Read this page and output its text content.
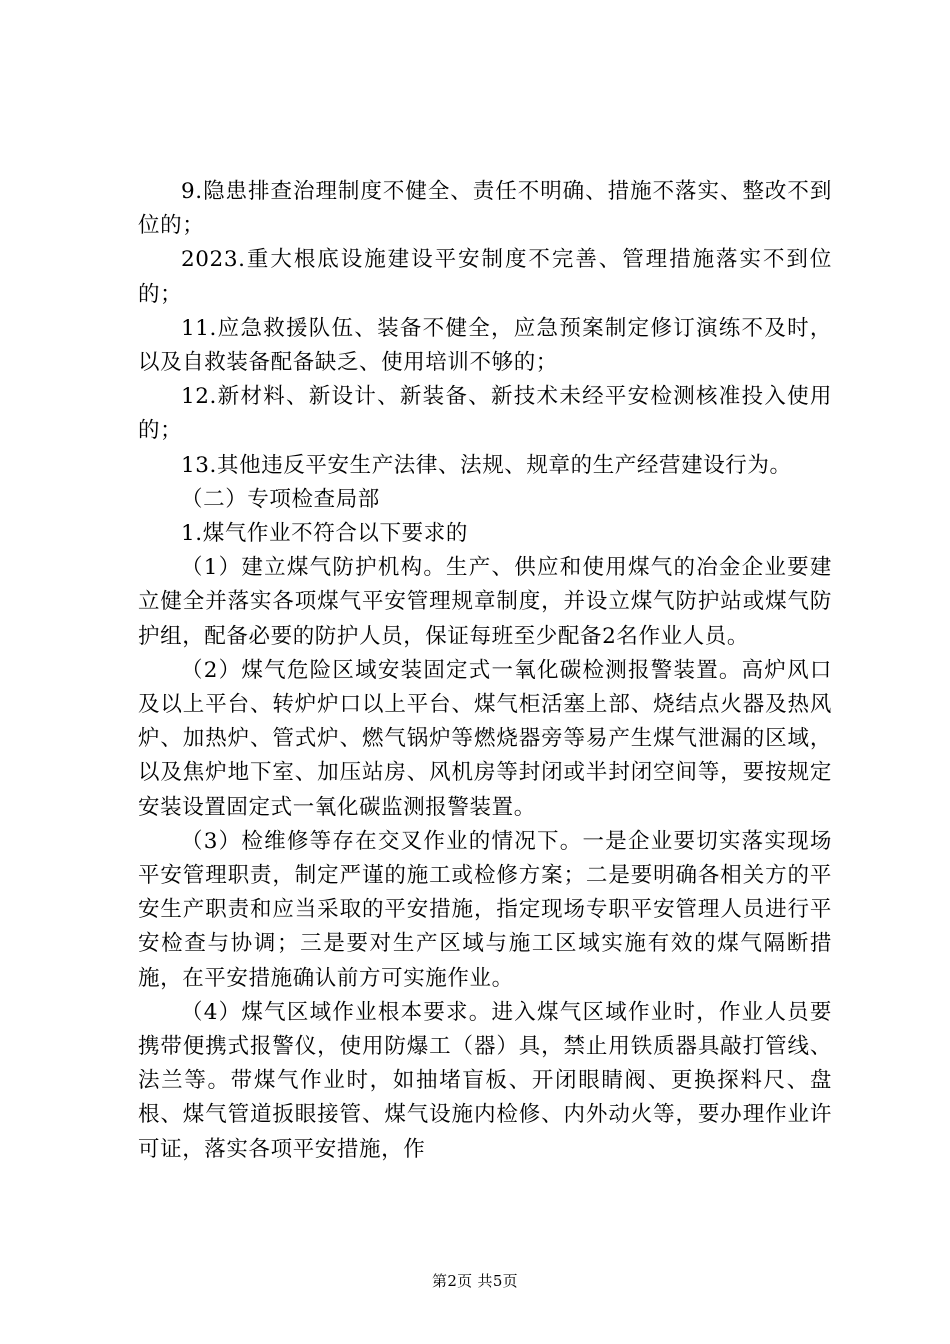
9.隐患排查治理制度不健全、责任不明确、措施不落实、整改不到位的；

2023.重大根底设施建设平安制度不完善、管理措施落实不到位的；

11.应急救援队伍、装备不健全，应急预案制定修订演练不及时，以及自救装备配备缺乏、使用培训不够的；

12.新材料、新设计、新装备、新技术未经平安检测核准投入使用的；

13.其他违反平安生产法律、法规、规章的生产经营建设行为。

（二）专项检查局部

1.煤气作业不符合以下要求的

（1）建立煤气防护机构。生产、供应和使用煤气的冶金企业要建立健全并落实各项煤气平安管理规章制度，并设立煤气防护站或煤气防护组，配备必要的防护人员，保证每班至少配备2名作业人员。

（2）煤气危险区域安装固定式一氧化碳检测报警装置。高炉风口及以上平台、转炉炉口以上平台、煤气柜活塞上部、烧结点火器及热风炉、加热炉、管式炉、燃气锅炉等燃烧器旁等易产生煤气泄漏的区域，以及焦炉地下室、加压站房、风机房等封闭或半封闭空间等，要按规定安装设置固定式一氧化碳监测报警装置。

（3）检维修等存在交叉作业的情况下。一是企业要切实落实现场平安管理职责，制定严谨的施工或检修方案；二是要明确各相关方的平安生产职责和应当采取的平安措施，指定现场专职平安管理人员进行平安检查与协调；三是要对生产区域与施工区域实施有效的煤气隔断措施，在平安措施确认前方可实施作业。

（4）煤气区域作业根本要求。进入煤气区域作业时，作业人员要携带便携式报警仪，使用防爆工（器）具，禁止用铁质器具敲打管线、法兰等。带煤气作业时，如抽堵盲板、开闭眼睛阀、更换探料尺、盘根、煤气管道扳眼接管、煤气设施内检修、内外动火等，要办理作业许可证，落实各项平安措施，作

第2页 共5页
